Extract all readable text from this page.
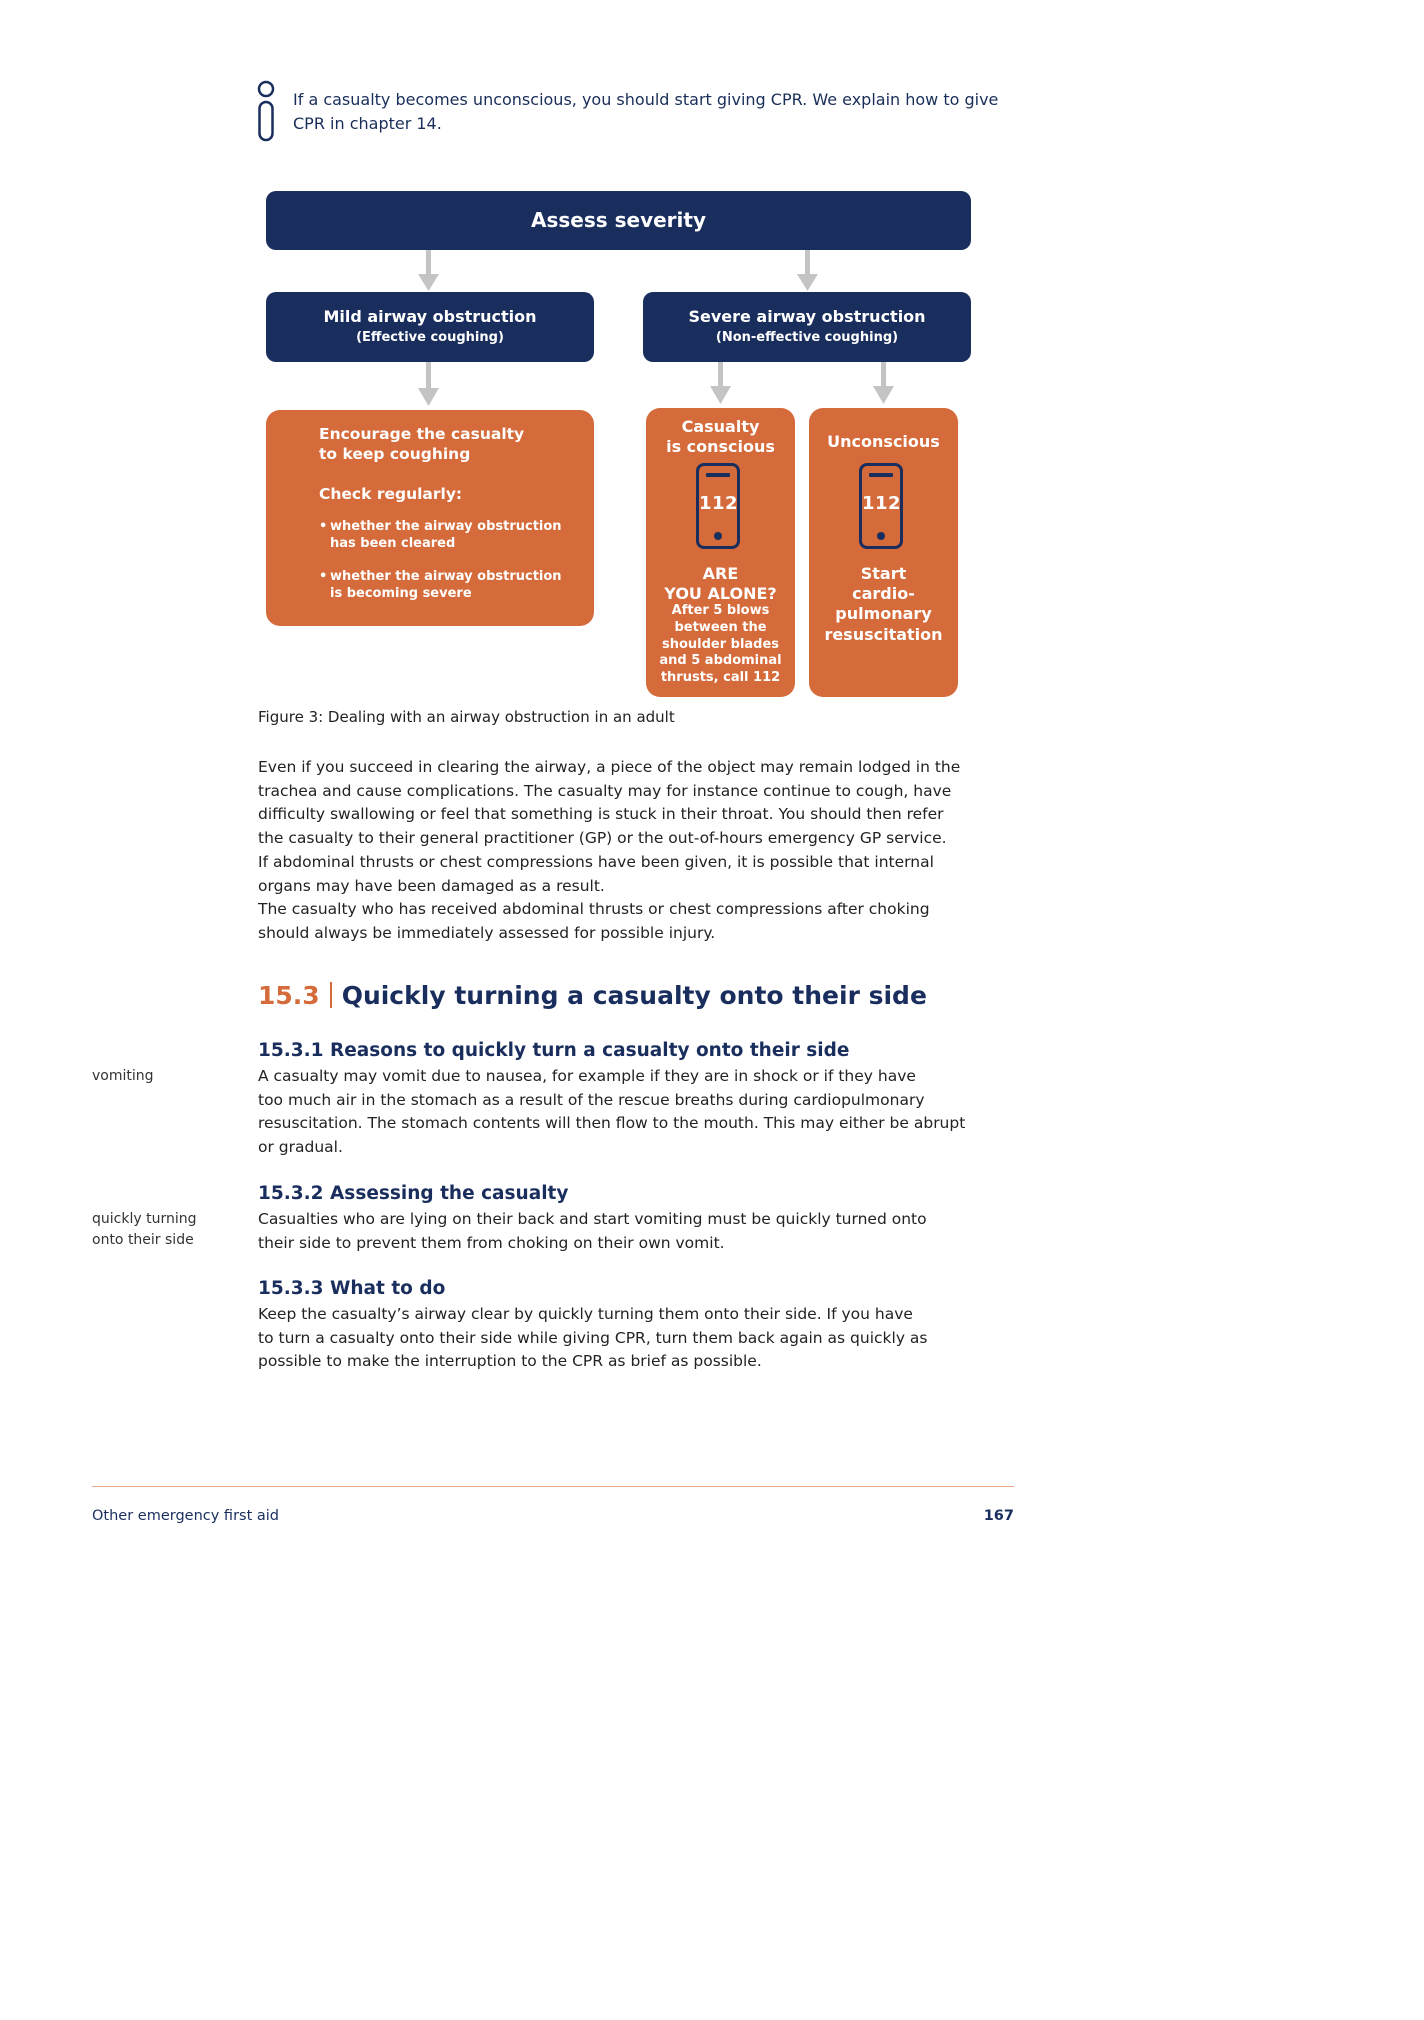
If a casualty becomes unconscious, you should start giving CPR. We explain how to give CPR in chapter 14.
Assess severity
Mild airway obstruction
(Effective coughing)
Severe airway obstruction
(Non-effective coughing)
Encourage the casualty
to keep coughing
Check regularly:
• whether the airway obstruction
has been cleared
• whether the airway obstruction
is becoming severe
Casualty
is conscious
112
ARE
YOU ALONE?
After 5 blows
between the
shoulder blades
and 5 abdominal
thrusts, call 112
Unconscious
112
Start
cardio-
pulmonary
resuscitation
Figure 3: Dealing with an airway obstruction in an adult
Even if you succeed in clearing the airway, a piece of the object may remain lodged in the
trachea and cause complications. The casualty may for instance continue to cough, have
difficulty swallowing or feel that something is stuck in their throat. You should then refer
the casualty to their general practitioner (GP) or the out-of-hours emergency GP service.
If abdominal thrusts or chest compressions have been given, it is possible that internal
organs may have been damaged as a result.
The casualty who has received abdominal thrusts or chest compressions after choking
should always be immediately assessed for possible injury.
15.3 Quickly turning a casualty onto their side
15.3.1 Reasons to quickly turn a casualty onto their side
vomiting	A casualty may vomit due to nausea, for example if they are in shock or if they have
too much air in the stomach as a result of the rescue breaths during cardiopulmonary
resuscitation. The stomach contents will then flow to the mouth. This may either be abrupt
or gradual.
15.3.2 Assessing the casualty
quickly turning
onto their side
Casualties who are lying on their back and start vomiting must be quickly turned onto
their side to prevent them from choking on their own vomit.
15.3.3 What to do
Keep the casualty’s airway clear by quickly turning them onto their side. If you have
to turn a casualty onto their side while giving CPR, turn them back again as quickly as
possible to make the interruption to the CPR as brief as possible.
Other emergency first aid	167
